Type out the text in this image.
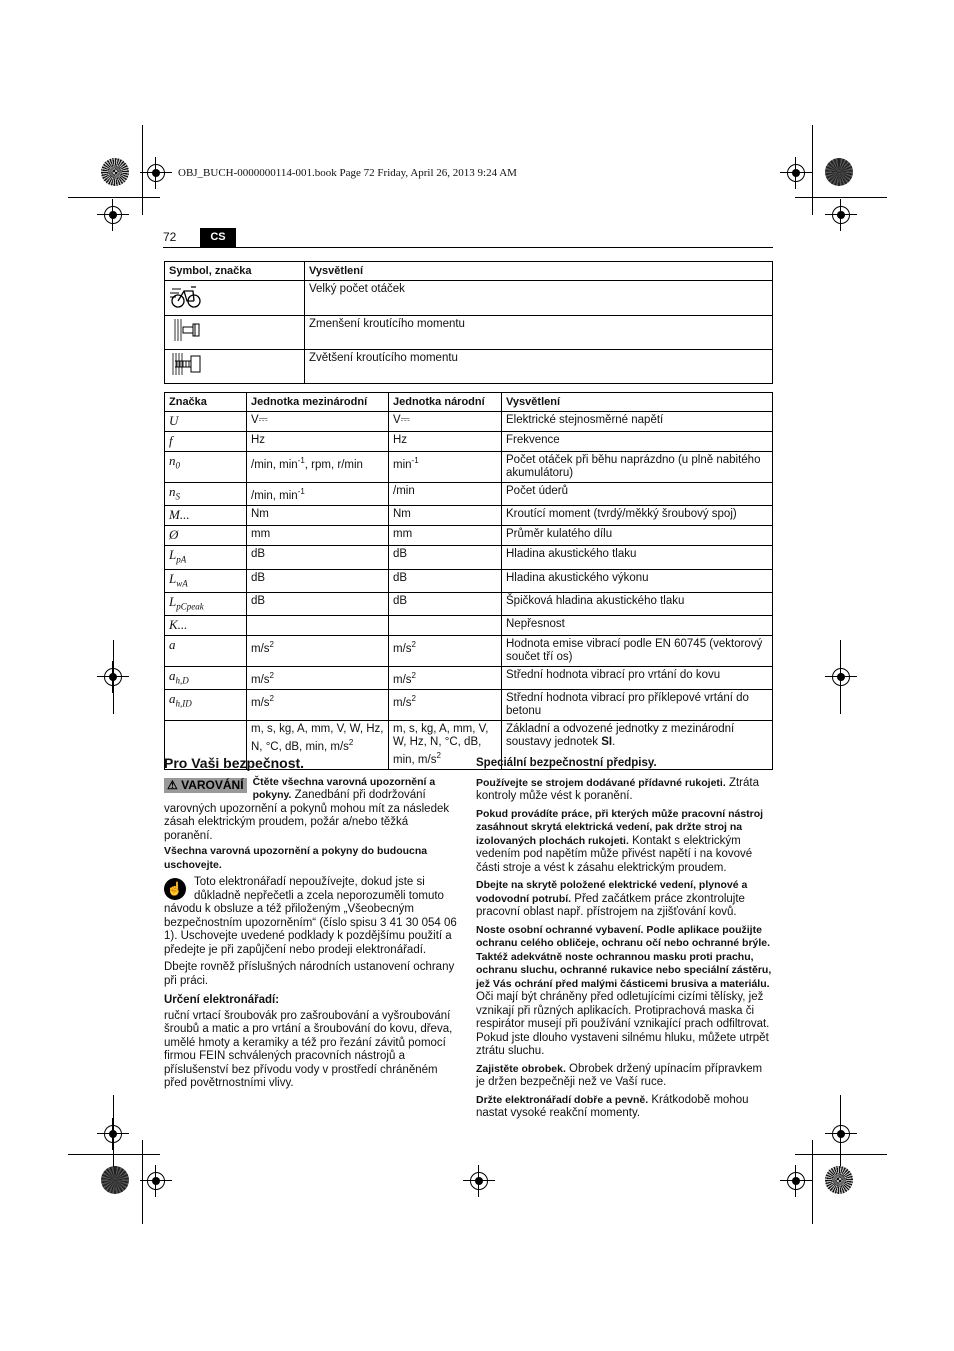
OBJ_BUCH-0000000114-001.book Page 72 Friday, April 26, 2013 9:24 AM
72	CS
Symbol, značka	Vysvětlení
	Velký počet otáček
	Zmenšení kroutícího momentu
	Zvětšení kroutícího momentu
Značka	Jednotka mezinárodní	Jednotka národní	Vysvětlení
U	V⎓	V⎓	Elektrické stejnosměrné napětí
f	Hz	Hz	Frekvence
$n_0$	/min, $\min^{-1}$, rpm, r/min	$\min^{-1}$	Počet otáček při běhu naprázdno (u plně nabitého akumulátoru)
$n_S$	/min, $\min^{-1}$	/min	Počet úderů
M...	Nm	Nm	Kroutící moment (tvrdý/měkký šroubový spoj)
Ø	mm	mm	Průměr kulatého dílu
$L_{pA}$	dB	dB	Hladina akustického tlaku
$L_{wA}$	dB	dB	Hladina akustického výkonu
$L_{pCpeak}$	dB	dB	Špičková hladina akustického tlaku
K...			Nepřesnost
a	$m/s^2$	$m/s^2$	Hodnota emise vibrací podle EN 60745 (vektorový součet tří os)
$a_{h,D}$	$m/s^2$	$m/s^2$	Střední hodnota vibrací pro vrtání do kovu
$a_{h,ID}$	$m/s^2$	$m/s^2$	Střední hodnota vibrací pro příklepové vrtání do betonu
	m, s, kg, A, mm, V, W, Hz, N, °C, dB, min, $m/s^2$	m, s, kg, A, mm, V, W, Hz, N, °C, dB, min, $m/s^2$	Základní a odvozené jednotky z mezinárodní soustavy jednotek SI.
Pro Vaši bezpečnost.
⚠ VAROVÁNÍ Čtěte všechna varovná upozornění a pokyny. Zanedbání při dodržování varovných upozornění a pokynů mohou mít za následek zásah elektrickým proudem, požár a/nebo těžká poranění.

Všechna varovná upozornění a pokyny do budoucna uschovejte.

☝ Toto elektronářadí nepoužívejte, dokud jste si důkladně nepřečetli a zcela neporozuměli tomuto návodu k obsluze a též přiloženým „Všeobecným bezpečnostním upozorněním“ (číslo spisu 3 41 30 054 06 1). Uschovejte uvedené podklady k pozdějšímu použití a předejte je při zapůjčení nebo prodeji elektronářadí.

Dbejte rovněž příslušných národních ustanovení ochrany při práci.

Určení elektronářadí:

ruční vrtací šroubovák pro zašroubování a vyšroubování šroubů a matic a pro vrtání a šroubování do kovu, dřeva, umělé hmoty a keramiky a též pro řezání závitů pomocí firmou FEIN schválených pracovních nástrojů a příslušenství bez přívodu vody v prostředí chráněném před povětrnostními vlivy.

Speciální bezpečnostní předpisy.

Používejte se strojem dodávané přídavné rukojeti. Ztráta kontroly může vést k poranění.

Pokud provádíte práce, při kterých může pracovní nástroj zasáhnout skrytá elektrická vedení, pak držte stroj na izolovaných plochách rukojeti. Kontakt s elektrickým vedením pod napětím může přivést napětí i na kovové části stroje a vést k zásahu elektrickým proudem.

Dbejte na skrytě položené elektrické vedení, plynové a vodovodní potrubí. Před začátkem práce zkontrolujte pracovní oblast např. přístrojem na zjišťování kovů.

Noste osobní ochranné vybavení. Podle aplikace použijte ochranu celého obličeje, ochranu očí nebo ochranné brýle. Taktéž adekvátně noste ochrannou masku proti prachu, ochranu sluchu, ochranné rukavice nebo speciální zástěru, jež Vás ochrání před malými částicemi brusiva a materiálu. Oči mají být chráněny před odletujícími cizími tělísky, jež vznikají při různých aplikacích. Protiprachová maska či respirátor musejí při používání vznikající prach odfiltrovat. Pokud jste dlouho vystaveni silnému hluku, můžete utrpět ztrátu sluchu.

Zajistěte obrobek. Obrobek držený upínacím přípravkem je držen bezpečněji než ve Vaší ruce.

Držte elektronářadí dobře a pevně. Krátkodobě mohou nastat vysoké reakční momenty.
